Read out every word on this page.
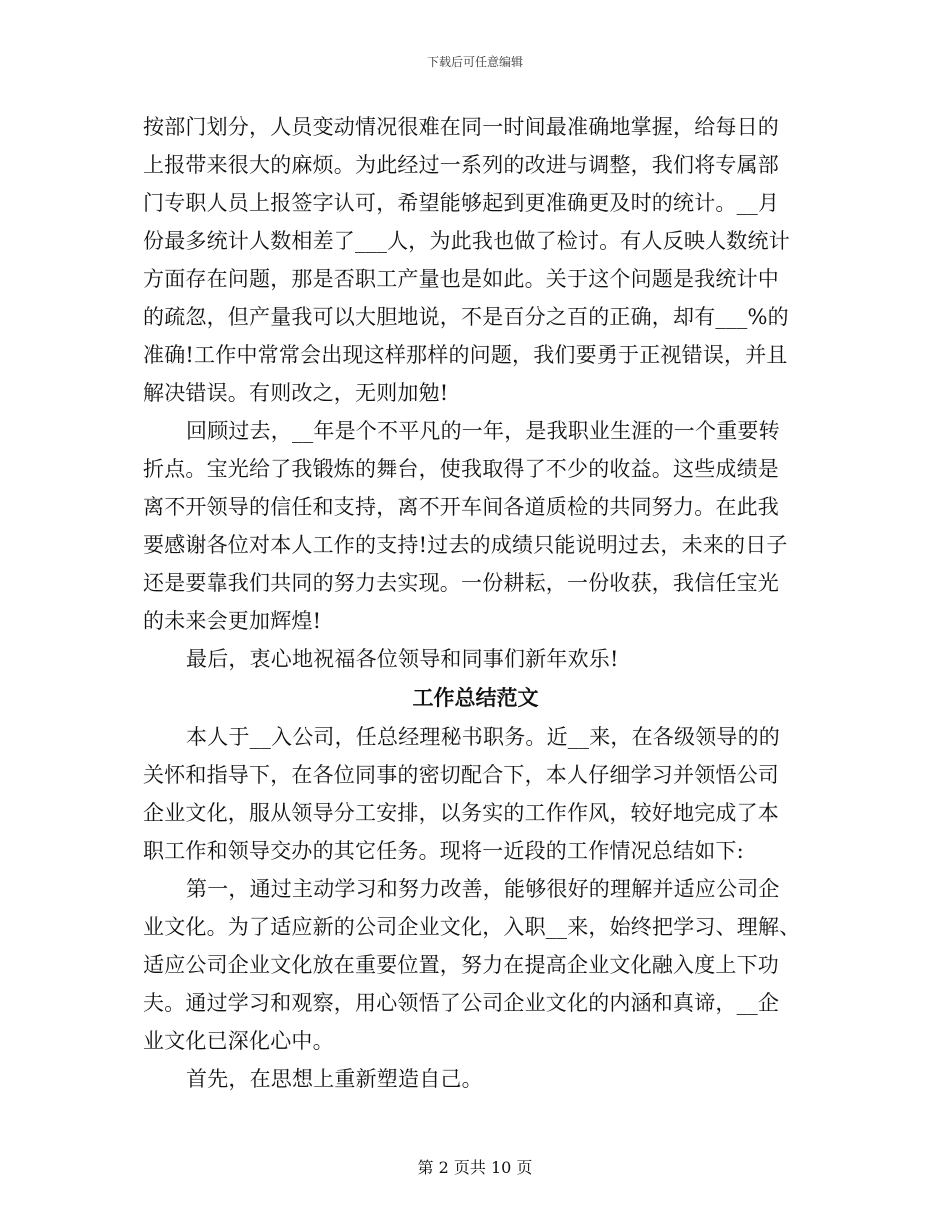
下载后可任意编辑
按部门划分，人员变动情况很难在同一时间最准确地掌握，给每日的
上报带来很大的麻烦。为此经过一系列的改进与调整，我们将专属部
门专职人员上报签字认可，希望能够起到更准确更及时的统计。__月
份最多统计人数相差了___人，为此我也做了检讨。有人反映人数统计
方面存在问题，那是否职工产量也是如此。关于这个问题是我统计中
的疏忽，但产量我可以大胆地说，不是百分之百的正确，却有___%的
准确!工作中常常会出现这样那样的问题，我们要勇于正视错误，并且
解决错误。有则改之，无则加勉!
回顾过去，__年是个不平凡的一年，是我职业生涯的一个重要转
折点。宝光给了我锻炼的舞台，使我取得了不少的收益。这些成绩是
离不开领导的信任和支持，离不开车间各道质检的共同努力。在此我
要感谢各位对本人工作的支持!过去的成绩只能说明过去，未来的日子
还是要靠我们共同的努力去实现。一份耕耘，一份收获，我信任宝光
的未来会更加辉煌!
最后，衷心地祝福各位领导和同事们新年欢乐!
工作总结范文
本人于__入公司，任总经理秘书职务。近__来，在各级领导的的
关怀和指导下，在各位同事的密切配合下，本人仔细学习并领悟公司
企业文化，服从领导分工安排，以务实的工作作风，较好地完成了本
职工作和领导交办的其它任务。现将一近段的工作情况总结如下:
第一，通过主动学习和努力改善，能够很好的理解并适应公司企
业文化。为了适应新的公司企业文化，入职__来，始终把学习、理解、
适应公司企业文化放在重要位置，努力在提高企业文化融入度上下功
夫。通过学习和观察，用心领悟了公司企业文化的内涵和真谛，__企
业文化已深化心中。
首先，在思想上重新塑造自己。
第 2 页共 10 页
